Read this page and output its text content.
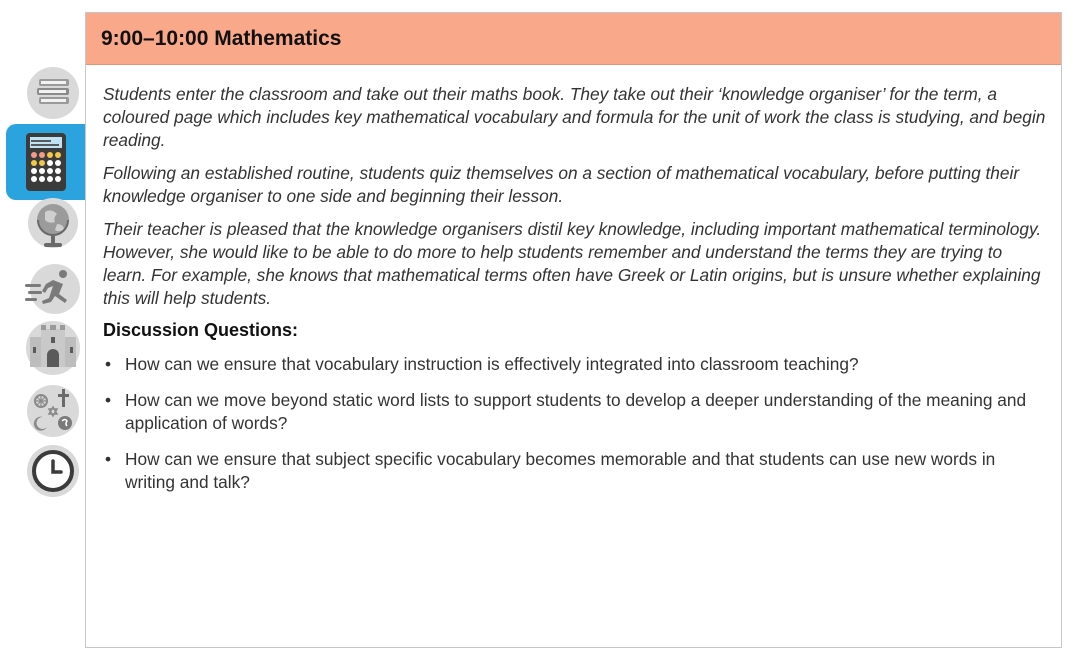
9:00–10:00 Mathematics

Students enter the classroom and take out their maths book. They take out their ‘knowledge organiser’ for the term, a coloured page which includes key mathematical vocabulary and formula for the unit of work the class is studying, and begin reading.

Following an established routine, students quiz themselves on a section of mathematical vocabulary, before putting their knowledge organiser to one side and beginning their lesson.

Their teacher is pleased that the knowledge organisers distil key knowledge, including important mathematical terminology. However, she would like to be able to do more to help students remember and understand the terms they are trying to learn. For example, she knows that mathematical terms often have Greek or Latin origins, but is unsure whether explaining this will help students.

Discussion Questions:
• How can we ensure that vocabulary instruction is effectively integrated into classroom teaching?
• How can we move beyond static word lists to support students to develop a deeper understanding of the meaning and application of words?
• How can we ensure that subject specific vocabulary becomes memorable and that students can use new words in writing and talk?
